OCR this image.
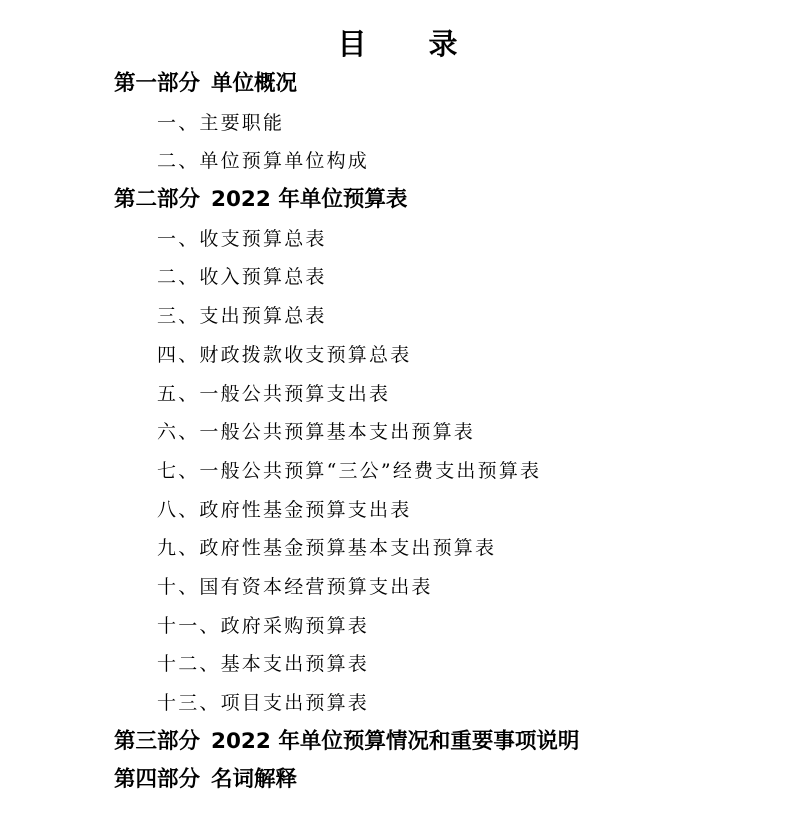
目 录
第一部分 单位概况
一、主要职能
二、单位预算单位构成
第二部分 2022 年单位预算表
一、收支预算总表
二、收入预算总表
三、支出预算总表
四、财政拨款收支预算总表
五、一般公共预算支出表
六、一般公共预算基本支出预算表
七、一般公共预算“三公”经费支出预算表
八、政府性基金预算支出表
九、政府性基金预算基本支出预算表
十、国有资本经营预算支出表
十一、政府采购预算表
十二、基本支出预算表
十三、项目支出预算表
第三部分 2022 年单位预算情况和重要事项说明
第四部分 名词解释
